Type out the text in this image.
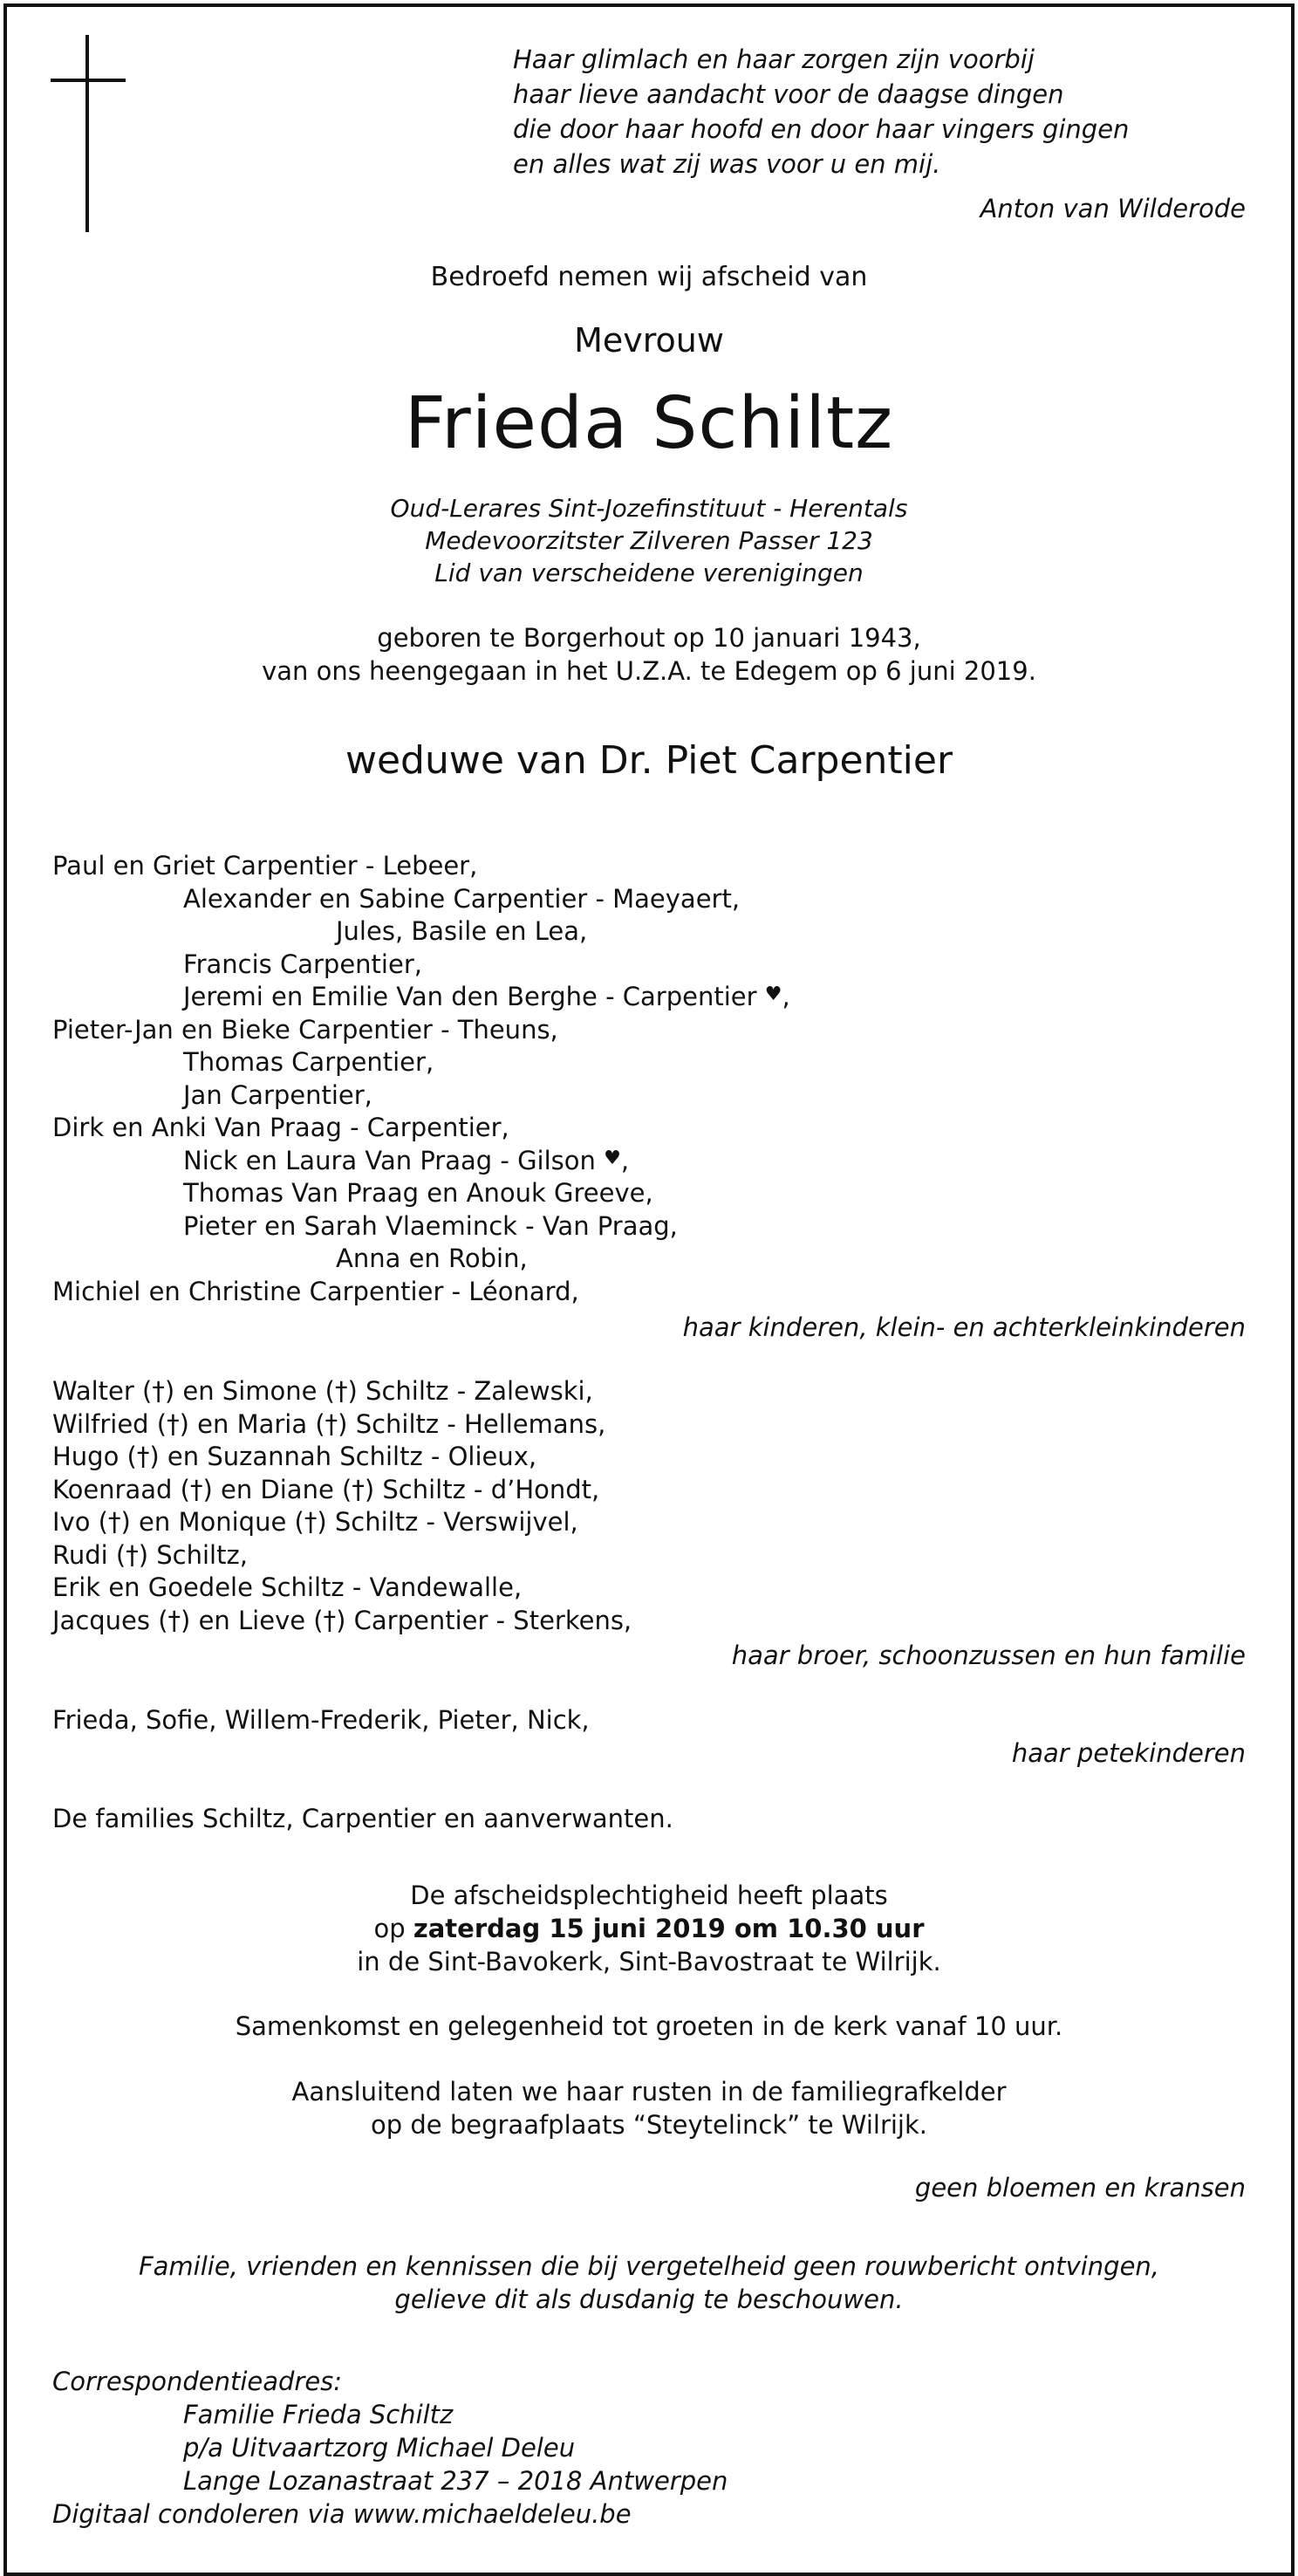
Haar glimlach en haar zorgen zijn voorbij
haar lieve aandacht voor de daagse dingen
die door haar hoofd en door haar vingers gingen
en alles wat zij was voor u en mij.
Anton van Wilderode
Bedroefd nemen wij afscheid van
Mevrouw
Frieda Schiltz
Oud-Lerares Sint-Jozefinstituut - Herentals
Medevoorzitster Zilveren Passer 123
Lid van verscheidene verenigingen
geboren te Borgerhout op 10 januari 1943,
van ons heengegaan in het U.Z.A. te Edegem op 6 juni 2019.
weduwe van Dr. Piet Carpentier
Paul en Griet Carpentier - Lebeer,
Alexander en Sabine Carpentier - Maeyaert,
Jules, Basile en Lea,
Francis Carpentier,
Jeremi en Emilie Van den Berghe - Carpentier ♥,
Pieter-Jan en Bieke Carpentier - Theuns,
Thomas Carpentier,
Jan Carpentier,
Dirk en Anki Van Praag - Carpentier,
Nick en Laura Van Praag - Gilson ♥,
Thomas Van Praag en Anouk Greeve,
Pieter en Sarah Vlaeminck - Van Praag,
Anna en Robin,
Michiel en Christine Carpentier - Léonard,
haar kinderen, klein- en achterkleinkinderen
Walter (†) en Simone (†) Schiltz - Zalewski,
Wilfried (†) en Maria (†) Schiltz - Hellemans,
Hugo (†) en Suzannah Schiltz - Olieux,
Koenraad (†) en Diane (†) Schiltz - d’Hondt,
Ivo (†) en Monique (†) Schiltz - Verswijvel,
Rudi (†) Schiltz,
Erik en Goedele Schiltz - Vandewalle,
Jacques (†) en Lieve (†) Carpentier - Sterkens,
haar broer, schoonzussen en hun familie
Frieda, Sofie, Willem-Frederik, Pieter, Nick,
haar petekinderen
De families Schiltz, Carpentier en aanverwanten.
De afscheidsplechtigheid heeft plaats
op zaterdag 15 juni 2019 om 10.30 uur
in de Sint-Bavokerk, Sint-Bavostraat te Wilrijk.
Samenkomst en gelegenheid tot groeten in de kerk vanaf 10 uur.
Aansluitend laten we haar rusten in de familiegrafkelder
op de begraafplaats “Steytelinck” te Wilrijk.
geen bloemen en kransen
Familie, vrienden en kennissen die bij vergetelheid geen rouwbericht ontvingen,
gelieve dit als dusdanig te beschouwen.
Correspondentieadres:
Familie Frieda Schiltz
p/a Uitvaartzorg Michael Deleu
Lange Lozanastraat 237 – 2018 Antwerpen
Digitaal condoleren via www.michaeldeleu.be
